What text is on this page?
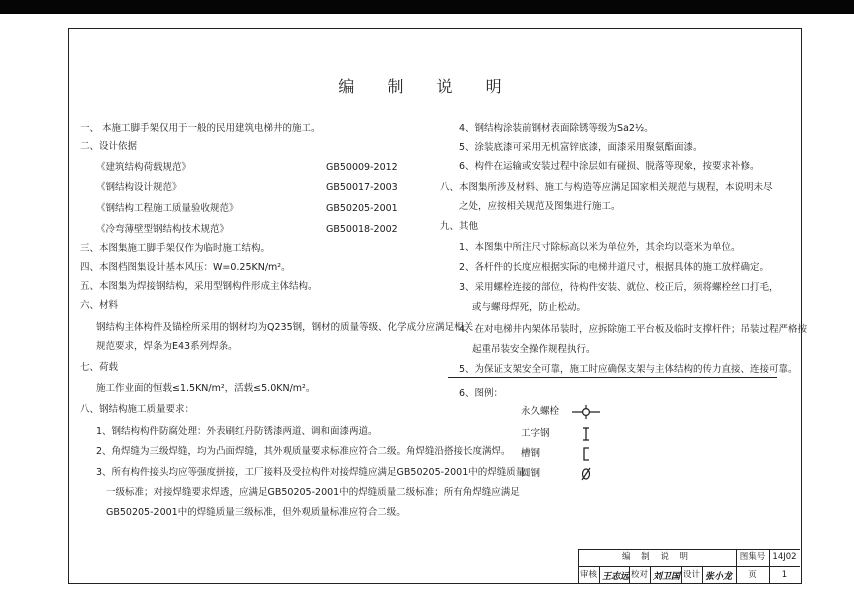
编 制 说 明
一、 本施工脚手架仅用于一般的民用建筑电梯井的施工。
二、设计依据
《建筑结构荷载规范》	GB50009-2012
《钢结构设计规范》	GB50017-2003
《钢结构工程施工质量验收规范》	GB50205-2001
《冷弯薄壁型钢结构技术规范》	GB50018-2002
三、本图集施工脚手架仅作为临时施工结构。
四、本图档图集设计基本风压：W=0.25KN/m²。
五、本图集为焊接钢结构，采用型钢构件形成主体结构。
六、材料
钢结构主体构件及锚栓所采用的钢材均为Q235钢，钢材的质量等级、化学成分应满足相关
规范要求，焊条为E43系列焊条。
七、荷载
施工作业面的恒载≤1.5KN/m²，活载≤5.0KN/m²。
八、钢结构施工质量要求：
1、钢结构构件防腐处理：外表刷红丹防锈漆两道、调和面漆两道。
2、角焊缝为三级焊缝，均为凸面焊缝，其外观质量要求标准应符合二级。角焊缝沿搭接长度满焊。
3、所有构件接头均应等强度拼接，工厂接料及受拉构件对接焊缝应满足GB50205-2001中的焊缝质量
一级标准；对接焊缝要求焊透，应满足GB50205-2001中的焊缝质量二级标准；所有角焊缝应满足
GB50205-2001中的焊缝质量三级标准，但外观质量标准应符合二级。
4、钢结构涂装前钢材表面除锈等级为Sa2½。
5、涂装底漆可采用无机富锌底漆，面漆采用聚氨酯面漆。
6、构件在运输或安装过程中涂层如有碰损、脱落等现象，按要求补修。
八、本图集所涉及材料、施工与构造等应满足国家相关规范与规程，本说明未尽
之处，应按相关规范及图集进行施工。
九、其他
1、本图集中所注尺寸除标高以米为单位外，其余均以毫米为单位。
2、各杆件的长度应根据实际的电梯井道尺寸，根据具体的施工放样确定。
3、采用螺栓连接的部位，待构件安装、就位、校正后，须将螺栓丝口打毛，
或与螺母焊死，防止松动。
4、在对电梯井内架体吊装时，应拆除施工平台板及临时支撑杆件；吊装过程严格按
起重吊装安全操作规程执行。
5、为保证支架安全可靠，施工时应确保支架与主体结构的传力直接、连接可靠。
6、图例：
永久螺栓
工字钢
槽钢
圆钢
编 制 说 明	图集号 14J02
审核 王志远 校对 刘卫国 设计 张小龙	页	1
